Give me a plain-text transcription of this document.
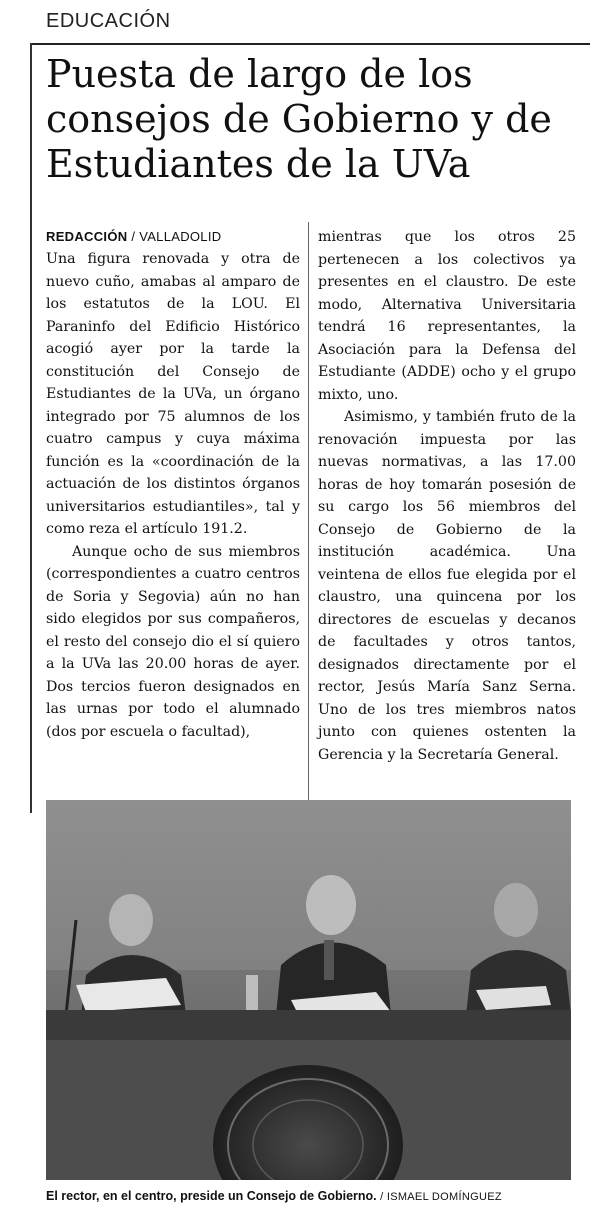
EDUCACIÓN
Puesta de largo de los consejos de Gobierno y de Estudiantes de la UVa
REDACCIÓN / VALLADOLID

Una figura renovada y otra de nuevo cuño, amabas al amparo de los estatutos de la LOU. El Paraninfo del Edificio Histórico acogió ayer por la tarde la constitución del Consejo de Estudiantes de la UVa, un órgano integrado por 75 alumnos de los cuatro campus y cuya máxima función es la «coordinación de la actuación de los distintos órganos universitarios estudiantiles», tal y como reza el artículo 191.2.

Aunque ocho de sus miembros (correspondientes a cuatro centros de Soria y Segovia) aún no han sido elegidos por sus compañeros, el resto del consejo dio el sí quiero a la UVa las 20.00 horas de ayer. Dos tercios fueron designados en las urnas por todo el alumnado (dos por escuela o facultad),

mientras que los otros 25 pertenecen a los colectivos ya presentes en el claustro. De este modo, Alternativa Universitaria tendrá 16 representantes, la Asociación para la Defensa del Estudiante (ADDE) ocho y el grupo mixto, uno.

Asimismo, y también fruto de la renovación impuesta por las nuevas normativas, a las 17.00 horas de hoy tomarán posesión de su cargo los 56 miembros del Consejo de Gobierno de la institución académica. Una veintena de ellos fue elegida por el claustro, una quincena por los directores de escuelas y decanos de facultades y otros tantos, designados directamente por el rector, Jesús María Sanz Serna. Uno de los tres miembros natos junto con quienes ostenten la Gerencia y la Secretaría General.

El rector, en el centro, preside un Consejo de Gobierno. / ISMAEL DOMÍNGUEZ
